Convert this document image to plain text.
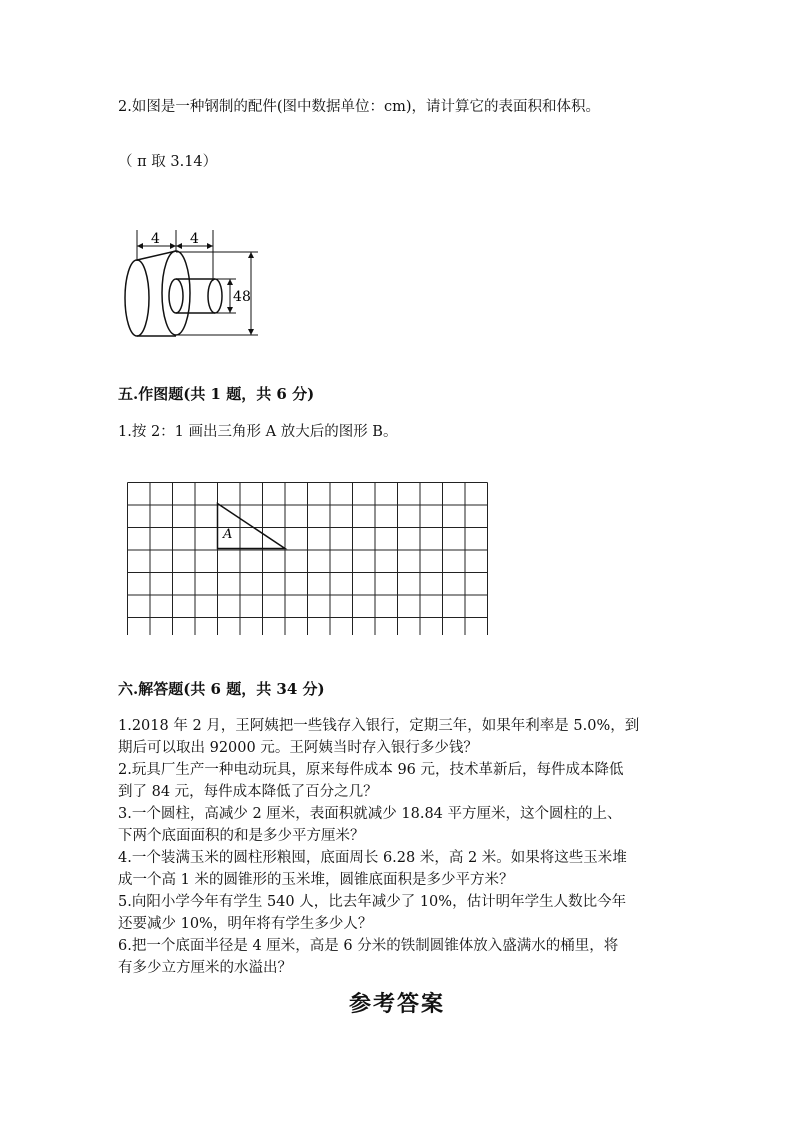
2.如图是一种钢制的配件(图中数据单位：cm)，请计算它的表面积和体积。
（ π 取 3.14）
4 4
4 8
五.作图题(共 1 题，共 6 分)
1.按 2：1 画出三角形 A 放大后的图形 B。
A
六.解答题(共 6 题，共 34 分)
1.2018 年 2 月，王阿姨把一些钱存入银行，定期三年，如果年利率是 5.0%，到
期后可以取出 92000 元。王阿姨当时存入银行多少钱？
2.玩具厂生产一种电动玩具，原来每件成本 96 元，技术革新后，每件成本降低
到了 84 元，每件成本降低了百分之几？
3.一个圆柱，高减少 2 厘米，表面积就减少 18.84 平方厘米，这个圆柱的上、
下两个底面面积的和是多少平方厘米？
4.一个装满玉米的圆柱形粮囤，底面周长 6.28 米，高 2 米。如果将这些玉米堆
成一个高 1 米的圆锥形的玉米堆，圆锥底面积是多少平方米？
5.向阳小学今年有学生 540 人，比去年减少了 10%，估计明年学生人数比今年
还要减少 10%，明年将有学生多少人？
6.把一个底面半径是 4 厘米，高是 6 分米的铁制圆锥体放入盛满水的桶里，将
有多少立方厘米的水溢出？
参考答案
